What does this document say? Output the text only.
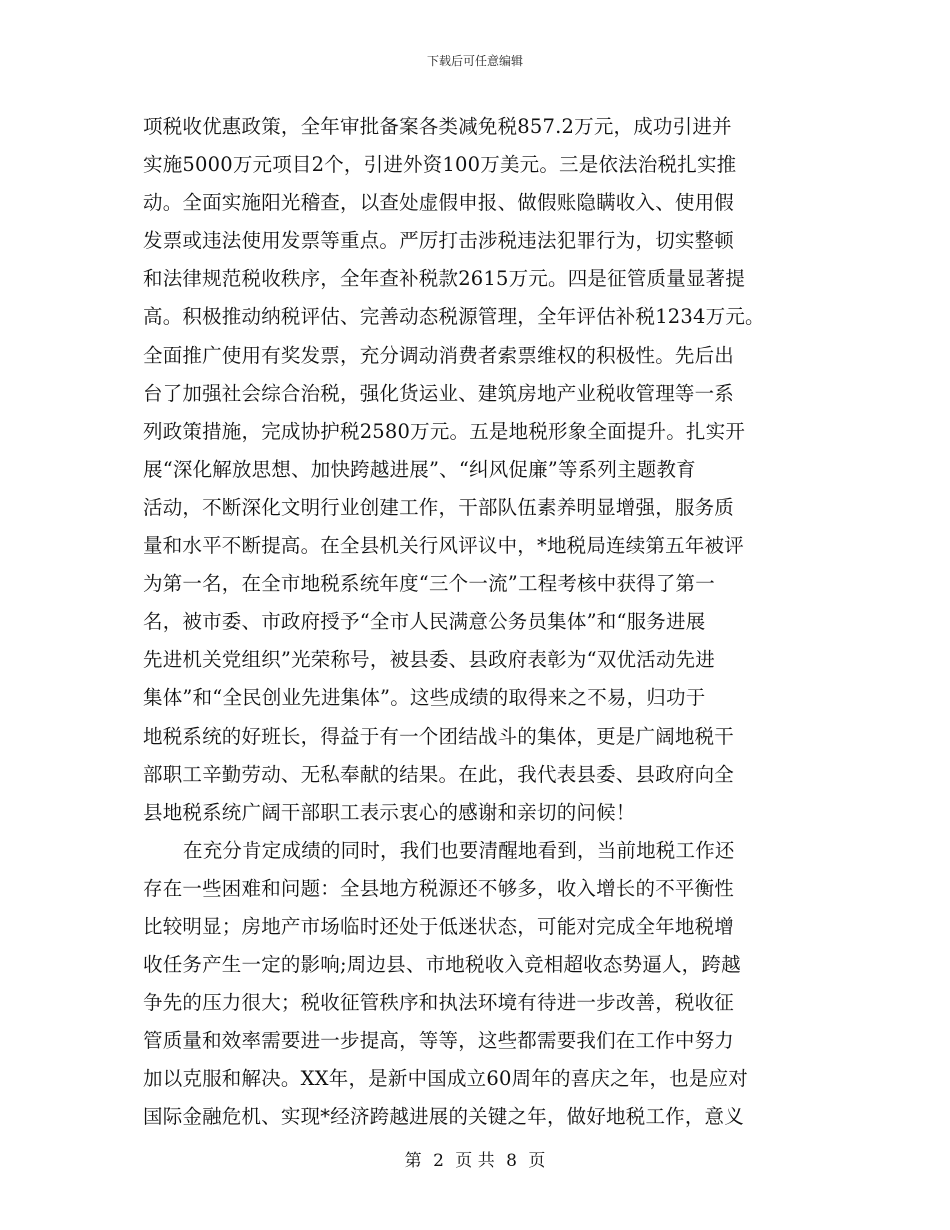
下载后可任意编辑
项税收优惠政策，全年审批备案各类减免税857.2万元，成功引进并
实施5000万元项目2个，引进外资100万美元。三是依法治税扎实推
动。全面实施阳光稽查，以查处虚假申报、做假账隐瞒收入、使用假
发票或违法使用发票等重点。严厉打击涉税违法犯罪行为，切实整顿
和法律规范税收秩序，全年查补税款2615万元。四是征管质量显著提
高。积极推动纳税评估、完善动态税源管理，全年评估补税1234万元。
全面推广使用有奖发票，充分调动消费者索票维权的积极性。先后出
台了加强社会综合治税，强化货运业、建筑房地产业税收管理等一系
列政策措施，完成协护税2580万元。五是地税形象全面提升。扎实开
展“深化解放思想、加快跨越进展”、“纠风促廉”等系列主题教育
活动，不断深化文明行业创建工作，干部队伍素养明显增强，服务质
量和水平不断提高。在全县机关行风评议中，*地税局连续第五年被评
为第一名，在全市地税系统年度“三个一流”工程考核中获得了第一
名，被市委、市政府授予“全市人民满意公务员集体”和“服务进展
先进机关党组织”光荣称号，被县委、县政府表彰为“双优活动先进
集体”和“全民创业先进集体”。这些成绩的取得来之不易，归功于
地税系统的好班长，得益于有一个团结战斗的集体，更是广阔地税干
部职工辛勤劳动、无私奉献的结果。在此，我代表县委、县政府向全
县地税系统广阔干部职工表示衷心的感谢和亲切的问候！
在充分肯定成绩的同时，我们也要清醒地看到，当前地税工作还
存在一些困难和问题：全县地方税源还不够多，收入增长的不平衡性
比较明显；房地产市场临时还处于低迷状态，可能对完成全年地税增
收任务产生一定的影响;周边县、市地税收入竞相超收态势逼人，跨越
争先的压力很大；税收征管秩序和执法环境有待进一步改善，税收征
管质量和效率需要进一步提高，等等，这些都需要我们在工作中努力
加以克服和解决。XX年，是新中国成立60周年的喜庆之年，也是应对
国际金融危机、实现*经济跨越进展的关键之年，做好地税工作，意义
第 2 页 共 8 页
